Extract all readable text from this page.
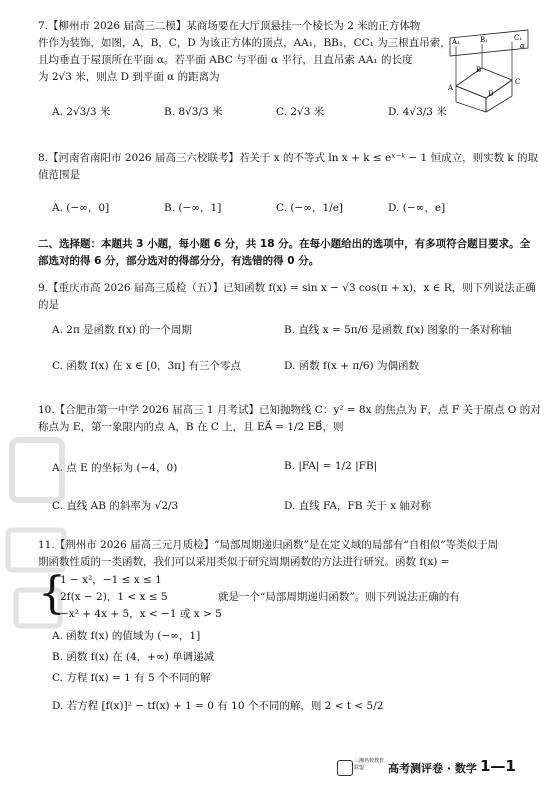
7.【柳州市 2026 届高三二模】某商场要在大厅顶悬挂一个棱长为 2 米的正方体物
件作为装饰，如图，A，B，C，D 为该正方体的顶点，AA₁，BB₁，CC₁ 为三根直吊索，
且均垂直于屋顶所在平面 α。若平面 ABC 与平面 α 平行，且直吊索 AA₁ 的长度
为 2√3 米，则点 D 到平面 α 的距离为
A. 2√3/3 米	B. 8√3/3 米	C. 2√3 米	D. 4√3/3 米
A₁	B₁	C₁
α
A
B
C
D
8.【河南省南阳市 2026 届高三六校联考】若关于 x 的不等式 ln x + k ≤ eˣ⁻ᵏ − 1 恒成立，则实数 k 的取
值范围是
A. (−∞，0]	B. (−∞，1]	C. (−∞，1/e]	D. (−∞，e]
二、选择题：本题共 3 小题，每小题 6 分，共 18 分。在每小题给出的选项中，有多项符合题目要求。全
部选对的得 6 分，部分选对的得部分分，有选错的得 0 分。
9.【重庆市高 2026 届高三质检（五）】已知函数 f(x) = sin x − √3 cos(π + x)，x ∈ R，则下列说法正确
的是
A. 2π 是函数 f(x) 的一个周期	B. 直线 x = 5π/6 是函数 f(x) 图象的一条对称轴
C. 函数 f(x) 在 x ∈ [0，3π] 有三个零点	D. 函数 f(x + π/6) 为偶函数
10.【合肥市第一中学 2026 届高三 1 月考试】已知抛物线 C：y² = 8x 的焦点为 F，点 F 关于原点 O 的对
称点为 E，第一象限内的点 A，B 在 C 上，且 EA⃗ = 1/2 EB⃗，则
A. 点 E 的坐标为 (−4，0)	B. |FA| = 1/2 |FB|
C. 直线 AB 的斜率为 √2/3	D. 直线 FA，FB 关于 x 轴对称
11.【荆州市 2026 届高三元月质检】“局部周期递归函数”是在定义域的局部有“自相似”等类似于周
期函数性质的一类函数，我们可以采用类似于研究周期函数的方法进行研究。函数 f(x) =
{
1 − x²，−1 ≤ x ≤ 1
2f(x − 2)，1 < x ≤ 5
−x² + 4x + 5，x < −1 或 x > 5
就是一个“局部周期递归函数”。则下列说法正确的有
A. 函数 f(x) 的值域为 (−∞，1]
B. 函数 f(x) 在 (4，+∞) 单调递减
C. 方程 f(x) = 1 有 5 个不同的解
D. 若方程 [f(x)]² − tf(x) + 1 = 0 有 10 个不同的解，则 2 < t < 5/2
三湘名校教育联盟	高考测评卷 · 数学 1—1
